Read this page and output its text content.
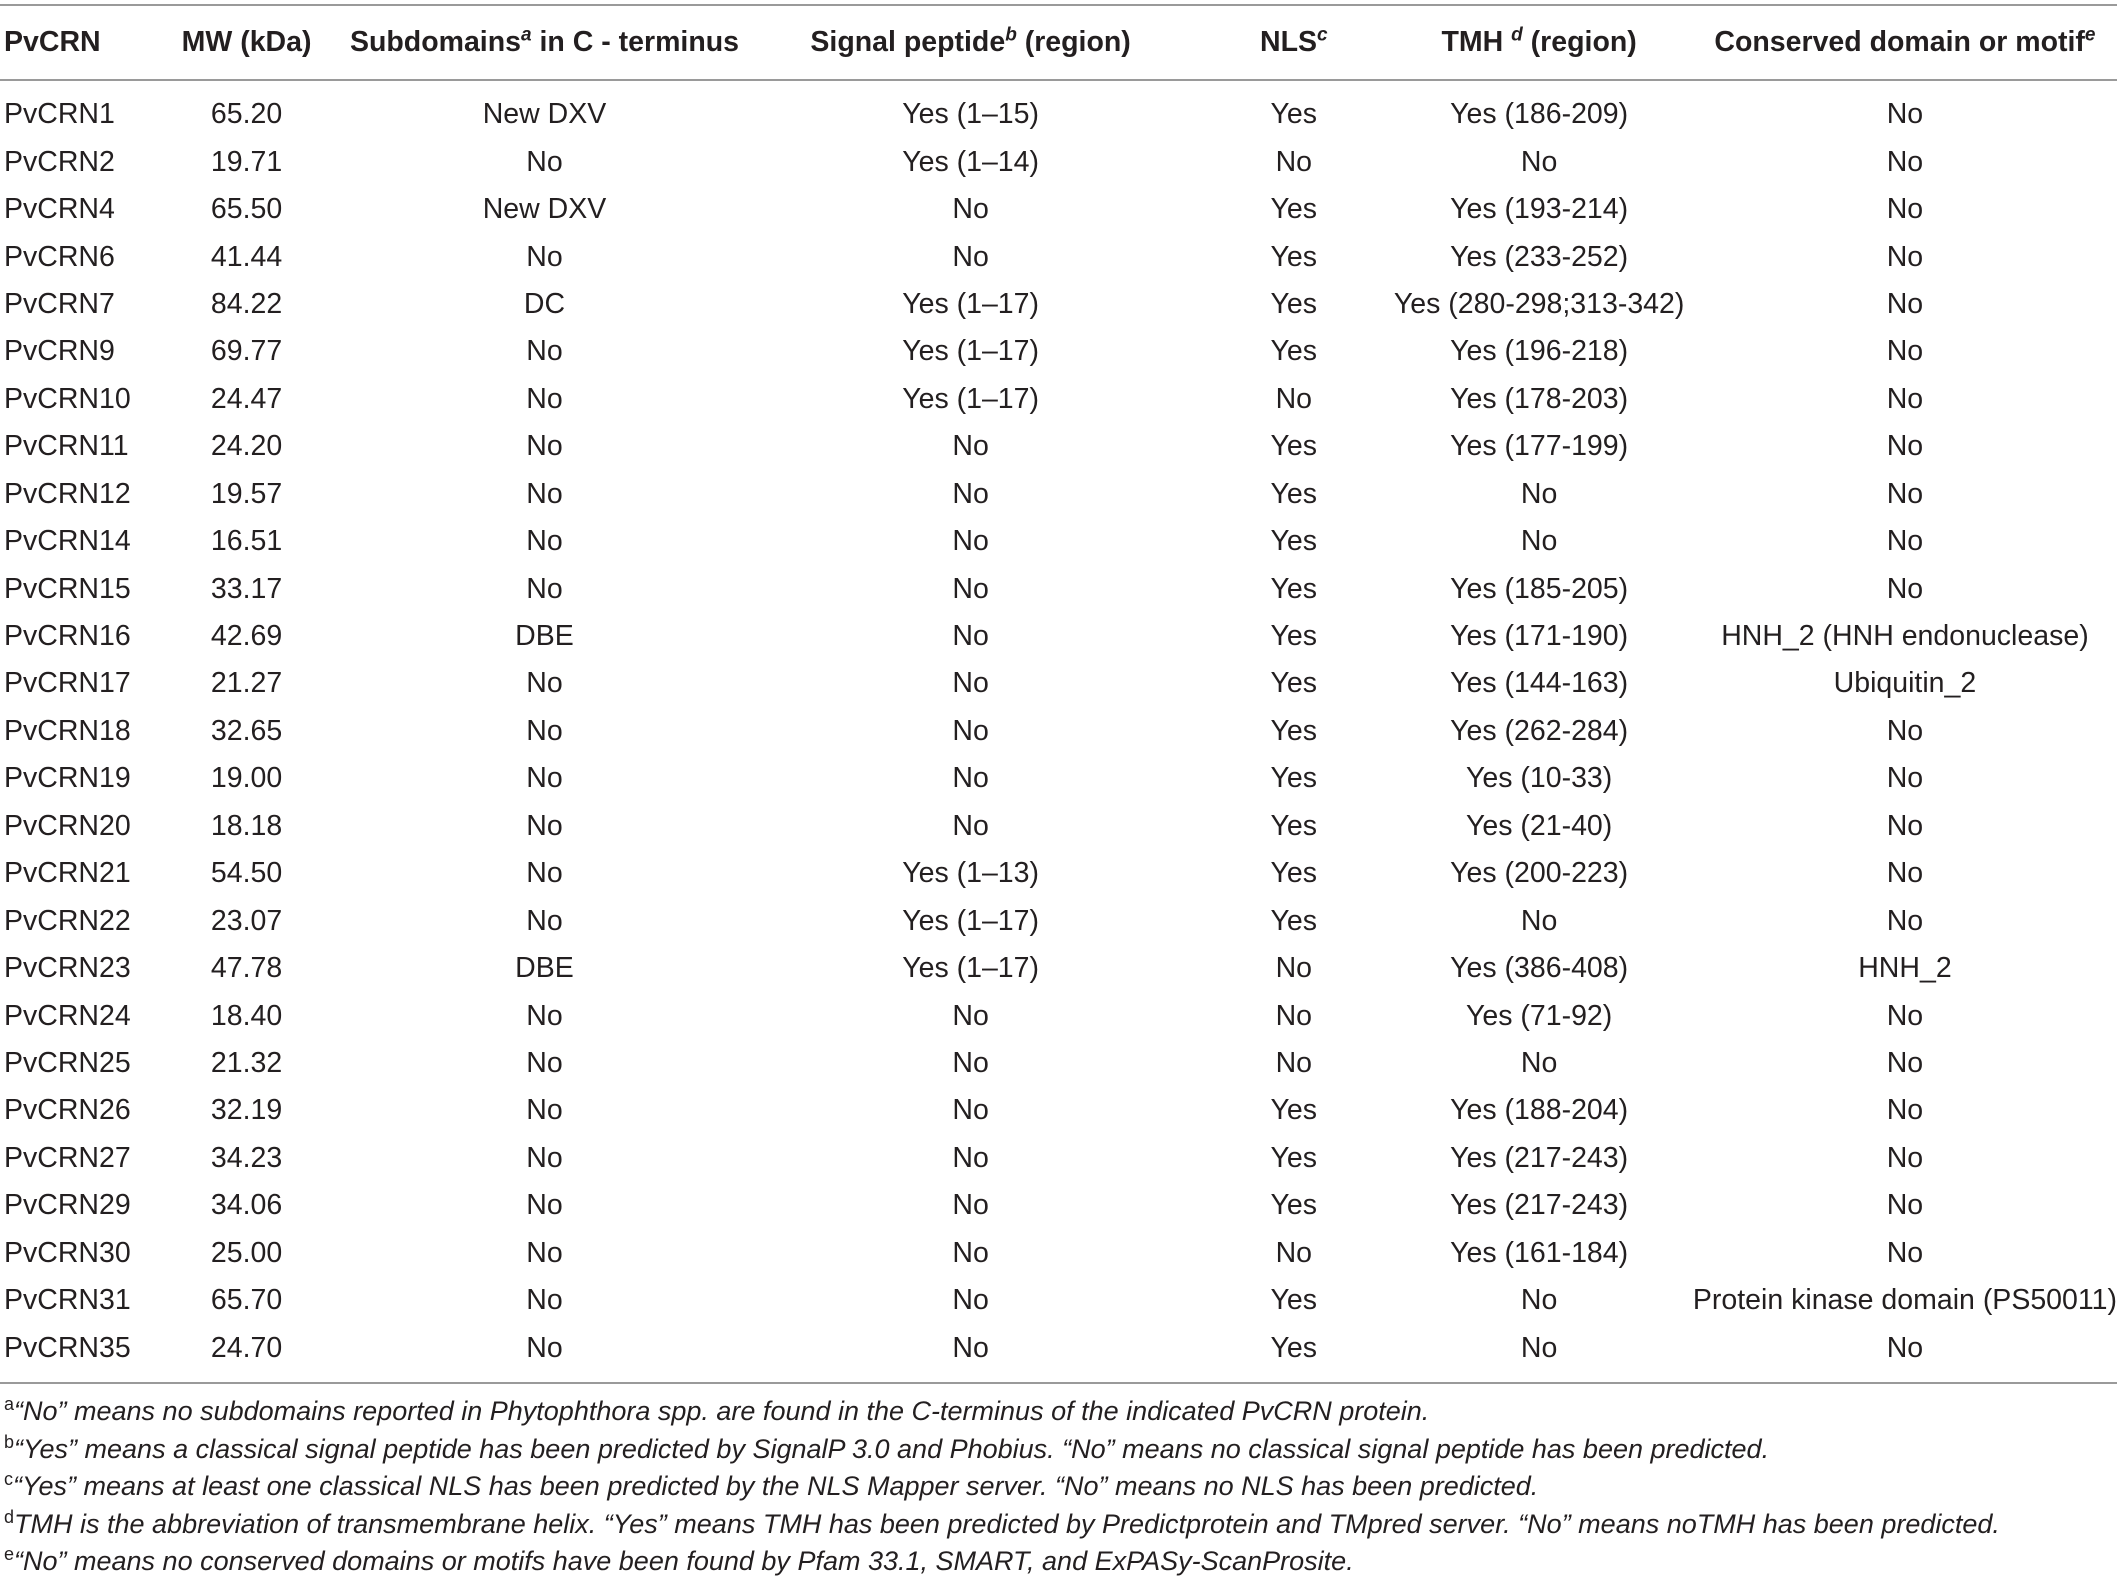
PvCRN	MW (kDa)	Subdomains$^a$ in C - terminus	Signal peptide$^b$ (region)	NLS$^c$	TMH $^d$ (region)	Conserved domain or motif$^e$
PvCRN1	65.20	New DXV	Yes (1–15)	Yes	Yes (186-209)	No
PvCRN2	19.71	No	Yes (1–14)	No	No	No
PvCRN4	65.50	New DXV	No	Yes	Yes (193-214)	No
PvCRN6	41.44	No	No	Yes	Yes (233-252)	No
PvCRN7	84.22	DC	Yes (1–17)	Yes	Yes (280-298;313-342)	No
PvCRN9	69.77	No	Yes (1–17)	Yes	Yes (196-218)	No
PvCRN10	24.47	No	Yes (1–17)	No	Yes (178-203)	No
PvCRN11	24.20	No	No	Yes	Yes (177-199)	No
PvCRN12	19.57	No	No	Yes	No	No
PvCRN14	16.51	No	No	Yes	No	No
PvCRN15	33.17	No	No	Yes	Yes (185-205)	No
PvCRN16	42.69	DBE	No	Yes	Yes (171-190)	HNH_2 (HNH endonuclease)
PvCRN17	21.27	No	No	Yes	Yes (144-163)	Ubiquitin_2
PvCRN18	32.65	No	No	Yes	Yes (262-284)	No
PvCRN19	19.00	No	No	Yes	Yes (10-33)	No
PvCRN20	18.18	No	No	Yes	Yes (21-40)	No
PvCRN21	54.50	No	Yes (1–13)	Yes	Yes (200-223)	No
PvCRN22	23.07	No	Yes (1–17)	Yes	No	No
PvCRN23	47.78	DBE	Yes (1–17)	No	Yes (386-408)	HNH_2
PvCRN24	18.40	No	No	No	Yes (71-92)	No
PvCRN25	21.32	No	No	No	No	No
PvCRN26	32.19	No	No	Yes	Yes (188-204)	No
PvCRN27	34.23	No	No	Yes	Yes (217-243)	No
PvCRN29	34.06	No	No	Yes	Yes (217-243)	No
PvCRN30	25.00	No	No	No	Yes (161-184)	No
PvCRN31	65.70	No	No	Yes	No	Protein kinase domain (PS50011)
PvCRN35	24.70	No	No	Yes	No	No
$^a$“No” means no subdomains reported in Phytophthora spp. are found in the C-terminus of the indicated PvCRN protein.
$^b$“Yes” means a classical signal peptide has been predicted by SignalP 3.0 and Phobius. “No” means no classical signal peptide has been predicted.
$^c$“Yes” means at least one classical NLS has been predicted by the NLS Mapper server. “No” means no NLS has been predicted.
$^d$TMH is the abbreviation of transmembrane helix. “Yes” means TMH has been predicted by Predictprotein and TMpred server. “No” means noTMH has been predicted.
$^e$“No” means no conserved domains or motifs have been found by Pfam 33.1, SMART, and ExPASy-ScanProsite.
